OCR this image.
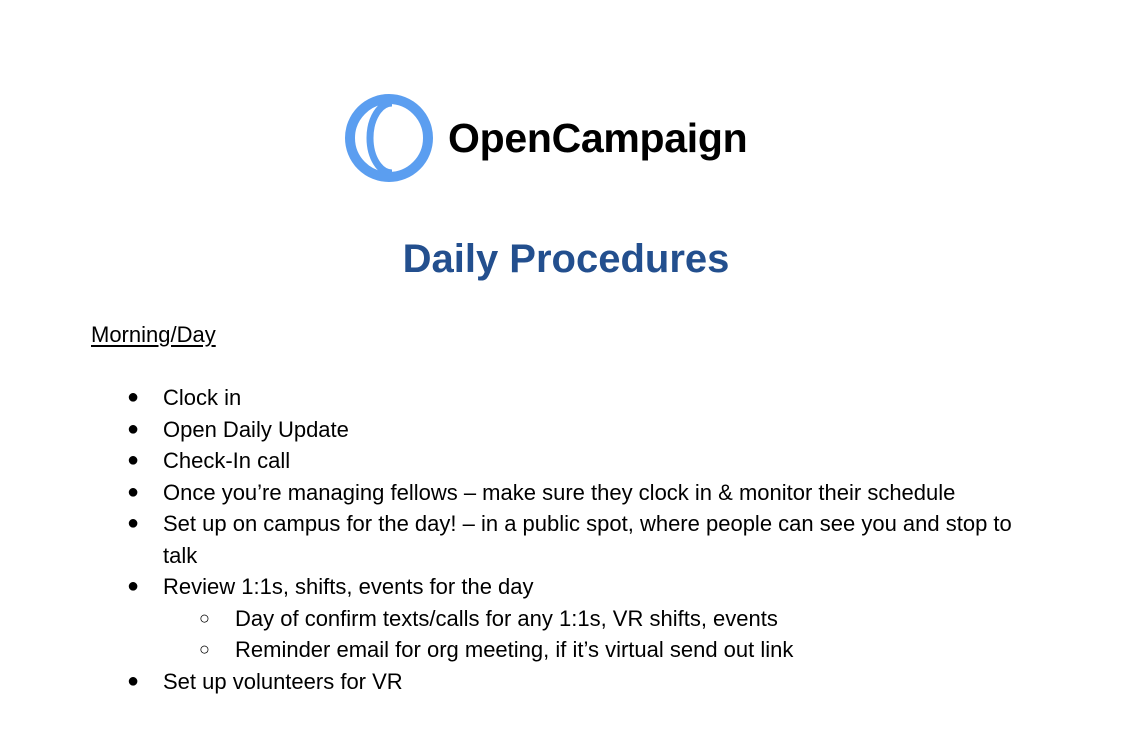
OpenCampaign
Daily Procedures
Morning/Day
●	Clock in
●	Open Daily Update
●	Check-In call
●	Once you’re managing fellows – make sure they clock in & monitor their schedule
●	Set up on campus for the day! – in a public spot, where people can see you and stop to talk
●	Review 1:1s, shifts, events for the day
○ Day of confirm texts/calls for any 1:1s, VR shifts, events
○ Reminder email for org meeting, if it’s virtual send out link
●	Set up volunteers for VR
